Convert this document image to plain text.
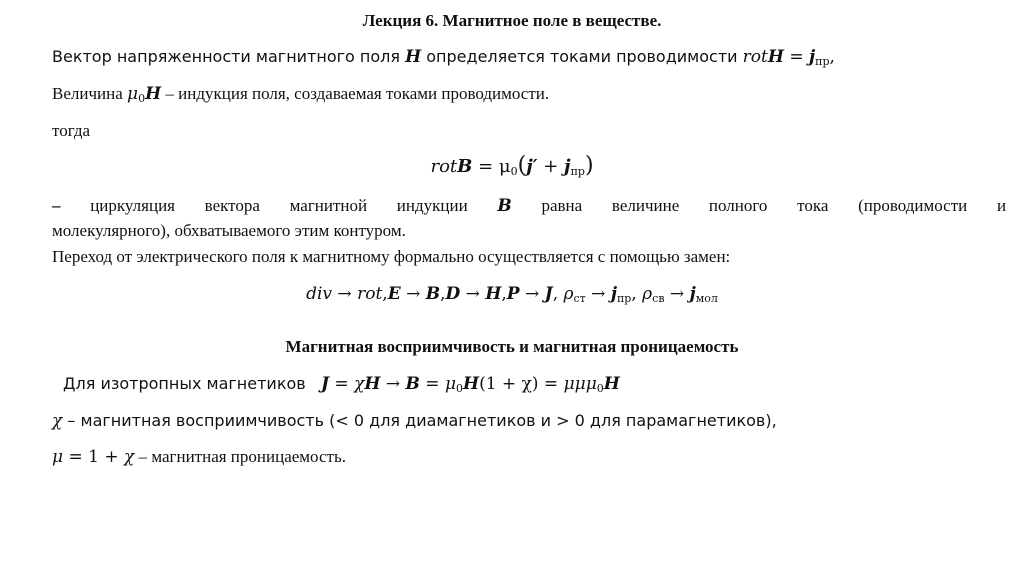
Лекция 6. Магнитное поле в веществе.
Вектор напряженности магнитного поля H определяется токами проводимости rotH = $j_{пр}$,
Величина $\mu_0H$ – индукция поля, создаваемая токами проводимости.
тогда
rotB = $\mu_0(j' + j_{пр})$
– циркуляция вектора магнитной индукции B равна величине полного тока (проводимости и
молекулярного), обхватываемого этим контуром.
Переход от электрического поля к магнитному формально осуществляется с помощью замен:
div → rot,E → B,D → H,P → J, $\rho_{ст} \to j_{пр}$, $\rho_{св} \to j_{мол}$
Магнитная восприимчивость и магнитная проницаемость
Для изотропных магнетиков $J = \chi H \to B = \mu_0H(1 + \chi) = \mu\mu\mu_0H$
χ – магнитная восприимчивость (< 0 для диамагнетиков и > 0 для парамагнетиков),
μ = 1 + χ – магнитная проницаемость.
